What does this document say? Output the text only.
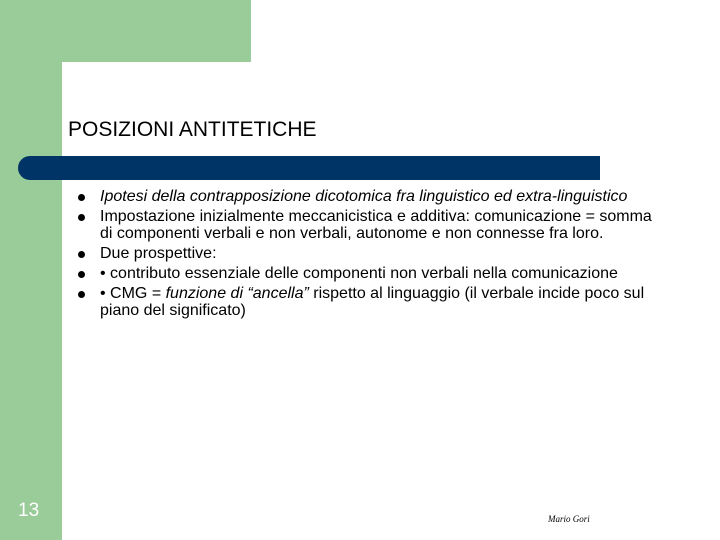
POSIZIONI ANTITETICHE
Ipotesi della contrapposizione dicotomica fra linguistico ed extra-linguistico
Impostazione inizialmente meccanicistica e additiva: comunicazione = somma di componenti verbali e non verbali, autonome e non connesse fra loro.
Due prospettive:
• contributo essenziale delle componenti non verbali nella comunicazione
• CMG = funzione di “ancella” rispetto al linguaggio (il verbale incide poco sul piano del significato)
13	Mario Gori
